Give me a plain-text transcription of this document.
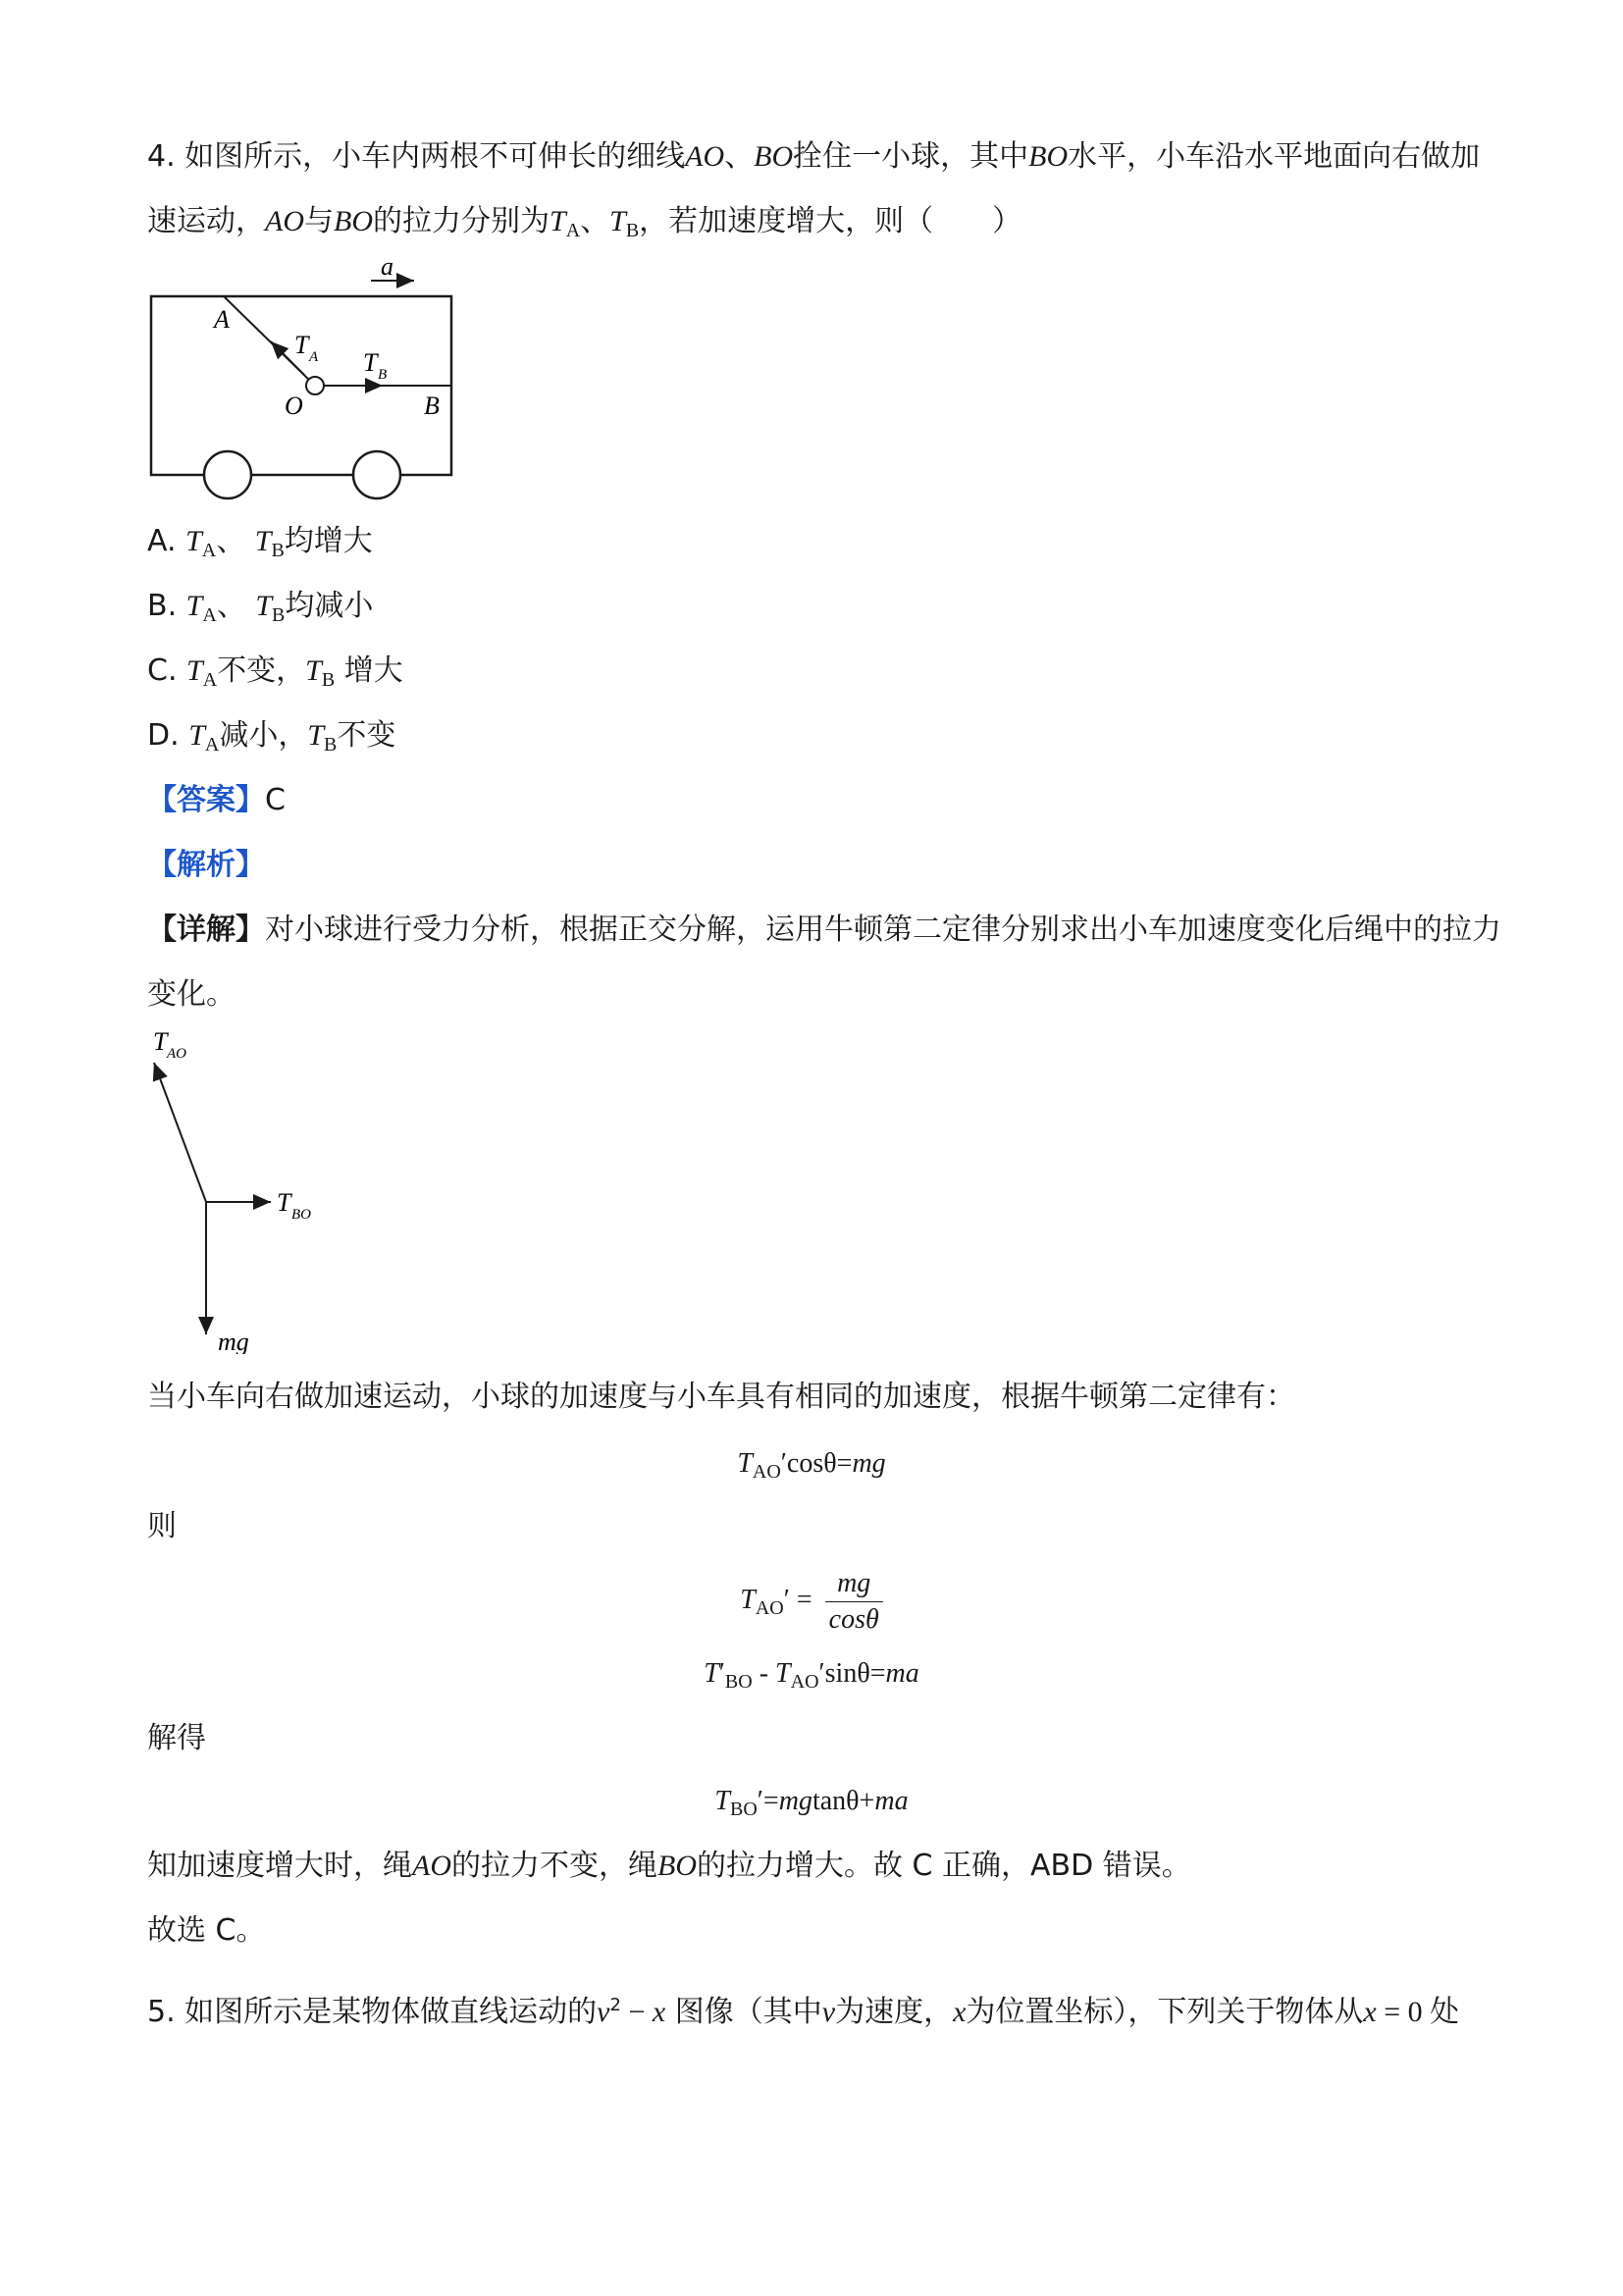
4. 如图所示，小车内两根不可伸长的细线AO、BO拴住一小球，其中BO水平，小车沿水平地面向右做加
速运动，AO与BO的拉力分别为$T_A$、$T_B$，若加速度增大，则（　　）
a
A
T A T B
O	B
A. $T_A$、 $T_B$均增大
B. $T_A$、 $T_B$均减小
C. $T_A$不变，$T_B$ 增大
D. $T_A$减小，$T_B$不变
【答案】C
【解析】
【详解】对小球进行受力分析，根据正交分解，运用牛顿第二定律分别求出小车加速度变化后绳中的拉力
变化。
T AO
T BO
mg
当小车向右做加速运动，小球的加速度与小车具有相同的加速度，根据牛顿第二定律有：
$T_{AO}'\cos\theta=mg$
则
$T_{AO}' = \frac{mg}{\cos\theta}$
$T'_{BO} - T_{AO}'\sin\theta=ma$
解得
$T_{BO}'=mgtan\theta+ma$
知加速度增大时，绳AO的拉力不变，绳BO的拉力增大。故 C 正确，ABD 错误。
故选 C。
5. 如图所示是某物体做直线运动的$v^2 - x$ 图像（其中v为速度，x为位置坐标），下列关于物体从x = 0 处
